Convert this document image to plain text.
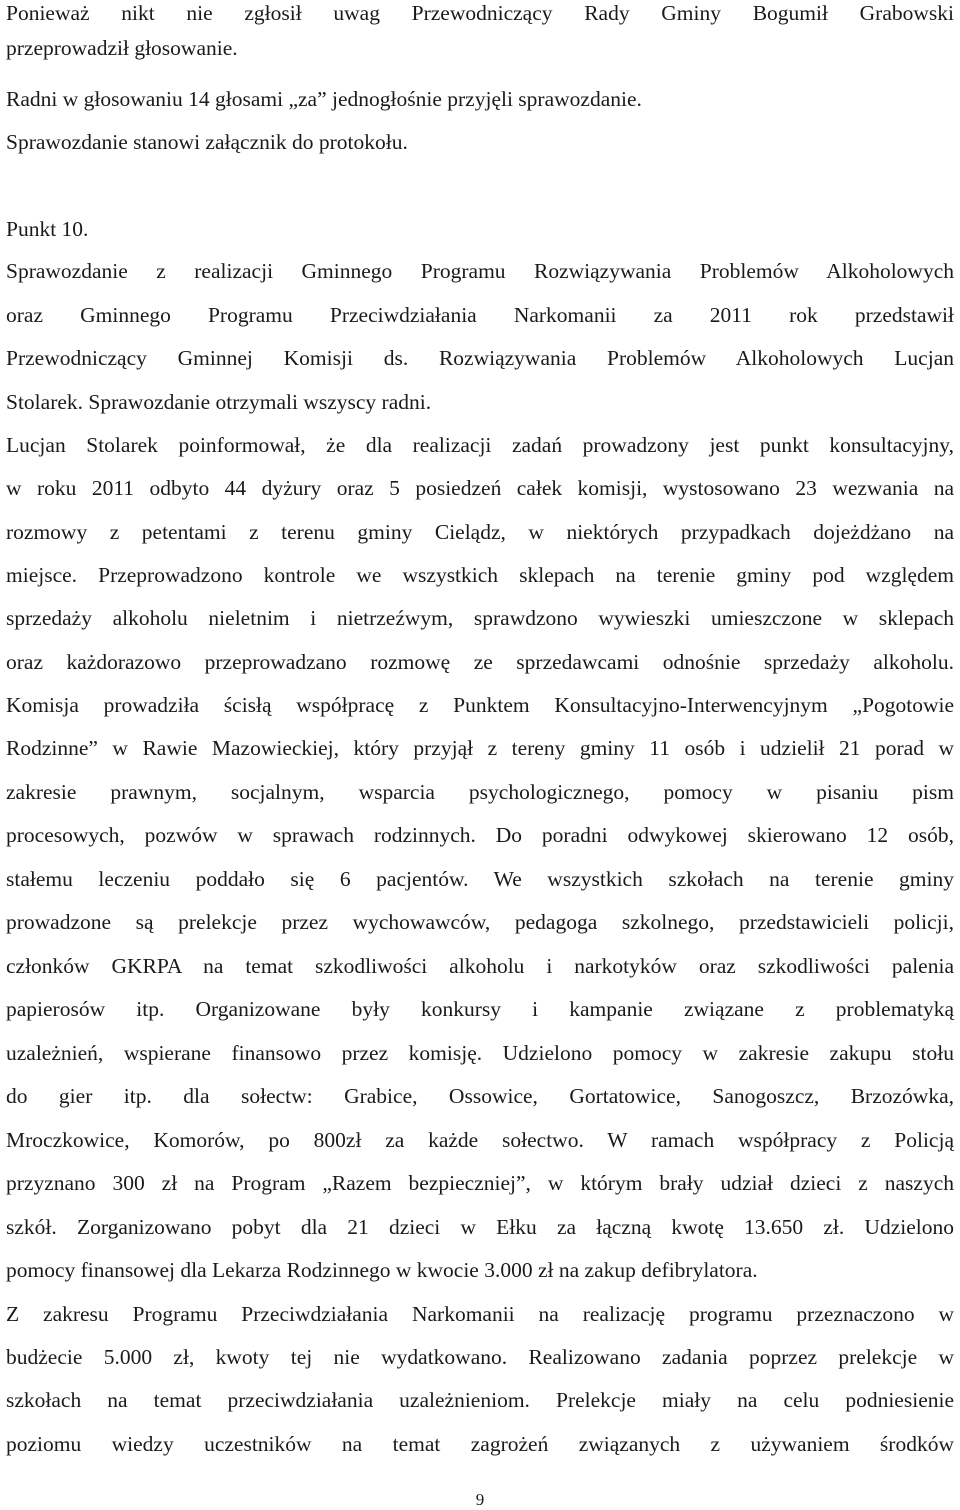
Ponieważ nikt nie zgłosił uwag Przewodniczący Rady Gminy Bogumił Grabowski
przeprowadził głosowanie.
Radni w głosowaniu 14 głosami „za” jednogłośnie przyjęli sprawozdanie.
Sprawozdanie stanowi załącznik do protokołu.
Punkt 10.
Sprawozdanie z realizacji Gminnego Programu Rozwiązywania Problemów Alkoholowych
oraz Gminnego Programu Przeciwdziałania Narkomanii za 2011 rok przedstawił
Przewodniczący Gminnej Komisji ds. Rozwiązywania Problemów Alkoholowych Lucjan
Stolarek. Sprawozdanie otrzymali wszyscy radni.
Lucjan Stolarek poinformował, że dla realizacji zadań prowadzony jest punkt konsultacyjny,
w roku 2011 odbyto 44 dyżury oraz 5 posiedzeń całek komisji, wystosowano 23 wezwania na
rozmowy z petentami z terenu gminy Cielądz, w niektórych przypadkach dojeżdżano na
miejsce. Przeprowadzono kontrole we wszystkich sklepach na terenie gminy pod względem
sprzedaży alkoholu nieletnim i nietrzeźwym, sprawdzono wywieszki umieszczone w sklepach
oraz każdorazowo przeprowadzano rozmowę ze sprzedawcami odnośnie sprzedaży alkoholu.
Komisja prowadziła ścisłą współpracę z Punktem Konsultacyjno-Interwencyjnym „Pogotowie
Rodzinne” w Rawie Mazowieckiej, który przyjął z tereny gminy 11 osób i udzielił 21 porad w
zakresie prawnym, socjalnym, wsparcia psychologicznego, pomocy w pisaniu pism
procesowych, pozwów w sprawach rodzinnych. Do poradni odwykowej skierowano 12 osób,
stałemu leczeniu poddało się 6 pacjentów. We wszystkich szkołach na terenie gminy
prowadzone są prelekcje przez wychowawców, pedagoga szkolnego, przedstawicieli policji,
członków GKRPA na temat szkodliwości alkoholu i narkotyków oraz szkodliwości palenia
papierosów itp. Organizowane były konkursy i kampanie związane z problematyką
uzależnień, wspierane finansowo przez komisję. Udzielono pomocy w zakresie zakupu stołu
do gier itp. dla sołectw: Grabice, Ossowice, Gortatowice, Sanogoszcz, Brzozówka,
Mroczkowice, Komorów, po 800zł za każde sołectwo. W ramach współpracy z Policją
przyznano 300 zł na Program „Razem bezpieczniej”, w którym brały udział dzieci z naszych
szkół. Zorganizowano pobyt dla 21 dzieci w Ełku za łączną kwotę 13.650 zł. Udzielono
pomocy finansowej dla Lekarza Rodzinnego w kwocie 3.000 zł na zakup defibrylatora.
Z zakresu Programu Przeciwdziałania Narkomanii na realizację programu przeznaczono w
budżecie 5.000 zł, kwoty tej nie wydatkowano. Realizowano zadania poprzez prelekcje w
szkołach na temat przeciwdziałania uzależnieniom. Prelekcje miały na celu podniesienie
poziomu wiedzy uczestników na temat zagrożeń związanych z używaniem środków
9
